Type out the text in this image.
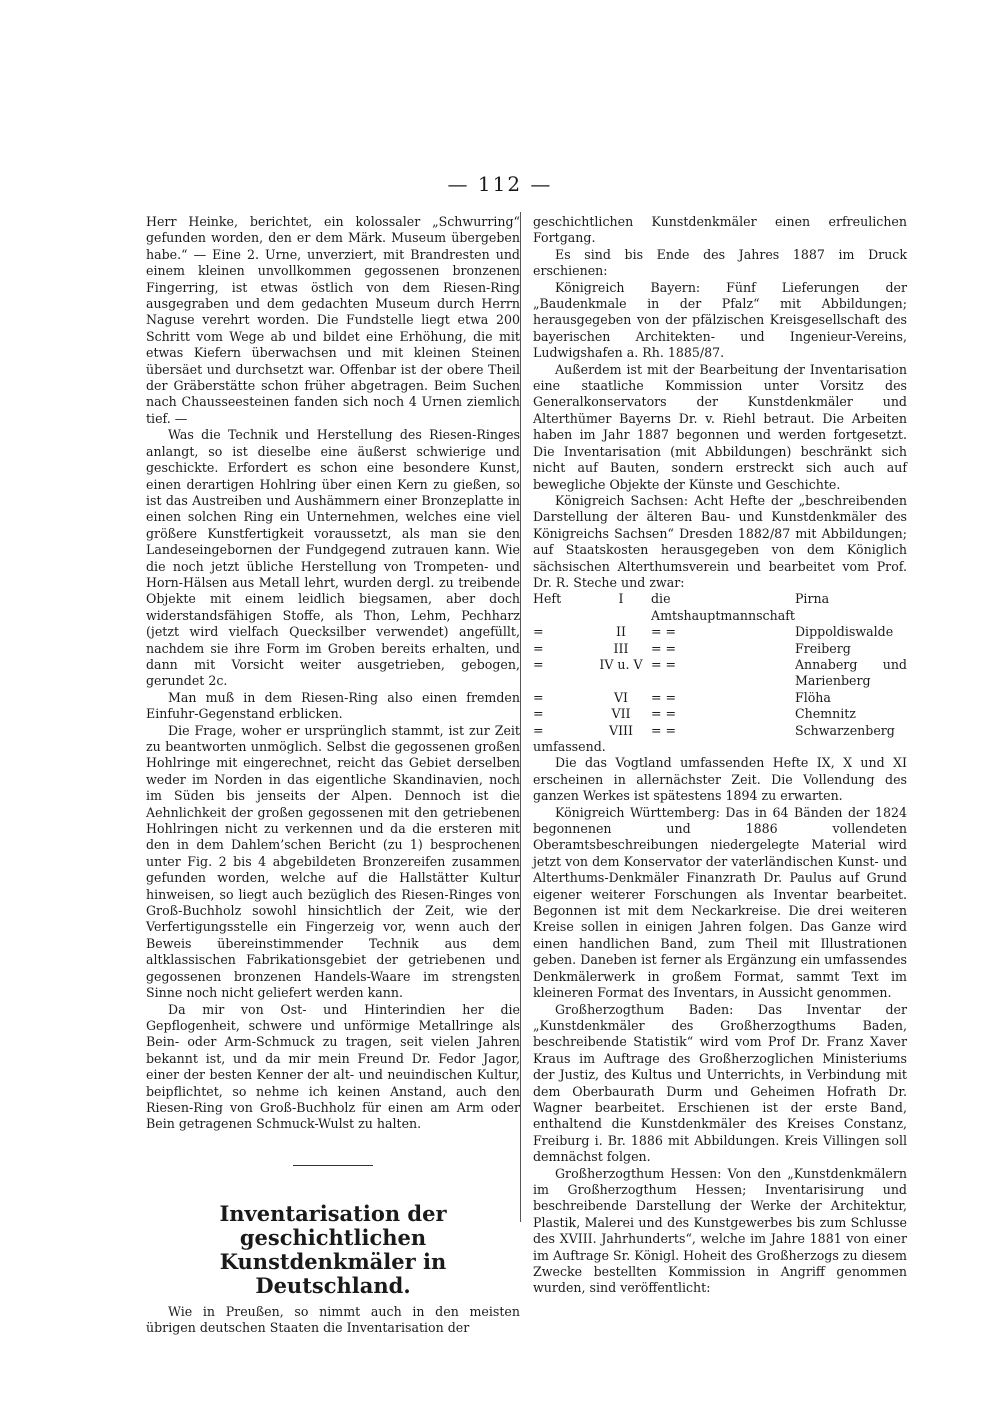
— 112 —

Herr Heinke, berichtet, ein kolossaler „Schwurring“ gefunden worden, den er dem Märk. Museum übergeben habe.“ — Eine 2. Urne, unverziert, mit Brandresten und einem kleinen unvollkommen gegossenen bronzenen Fingerring, ist etwas östlich von dem Riesen-Ring ausgegraben und dem gedachten Museum durch Herrn Naguse verehrt worden. Die Fundstelle liegt etwa 200 Schritt vom Wege ab und bildet eine Erhöhung, die mit etwas Kiefern überwachsen und mit kleinen Steinen übersäet und durchsetzt war. Offenbar ist der obere Theil der Gräberstätte schon früher abgetragen. Beim Suchen nach Chausseesteinen fanden sich noch 4 Urnen ziemlich tief. —

Was die Technik und Herstellung des Riesen-Ringes anlangt, so ist dieselbe eine äußerst schwierige und geschickte. Erfordert es schon eine besondere Kunst, einen derartigen Hohlring über einen Kern zu gießen, so ist das Austreiben und Aushämmern einer Bronzeplatte in einen solchen Ring ein Unternehmen, welches eine viel größere Kunstfertigkeit voraussetzt, als man sie den Landeseingebornen der Fundgegend zutrauen kann. Wie die noch jetzt übliche Herstellung von Trompeten- und Horn-Hälsen aus Metall lehrt, wurden dergl. zu treibende Objekte mit einem leidlich biegsamen, aber doch widerstandsfähigen Stoffe, als Thon, Lehm, Pechharz (jetzt wird vielfach Quecksilber verwendet) angefüllt, nachdem sie ihre Form im Groben bereits erhalten, und dann mit Vorsicht weiter ausgetrieben, gebogen, gerundet 2c.

Man muß in dem Riesen-Ring also einen fremden Einfuhr-Gegenstand erblicken.

Die Frage, woher er ursprünglich stammt, ist zur Zeit zu beantworten unmöglich. Selbst die gegossenen großen Hohlringe mit eingerechnet, reicht das Gebiet derselben weder im Norden in das eigentliche Skandinavien, noch im Süden bis jenseits der Alpen. Dennoch ist die Aehnlichkeit der großen gegossenen mit den getriebenen Hohlringen nicht zu verkennen und da die ersteren mit den in dem Dahlem’schen Bericht (zu 1) besprochenen unter Fig. 2 bis 4 abgebildeten Bronzereifen zusammen gefunden worden, welche auf die Hallstätter Kultur hinweisen, so liegt auch bezüglich des Riesen-Ringes von Groß-Buchholz sowohl hinsichtlich der Zeit, wie der Verfertigungsstelle ein Fingerzeig vor, wenn auch der Beweis übereinstimmender Technik aus dem altklassischen Fabrikationsgebiet der getriebenen und gegossenen bronzenen Handels-Waare im strengsten Sinne noch nicht geliefert werden kann.

Da mir von Ost- und Hinterindien her die Gepflogenheit, schwere und unförmige Metallringe als Bein- oder Arm-Schmuck zu tragen, seit vielen Jahren bekannt ist, und da mir mein Freund Dr. Fedor Jagor, einer der besten Kenner der alt- und neuindischen Kultur, beipflichtet, so nehme ich keinen Anstand, auch den Riesen-Ring von Groß-Buchholz für einen am Arm oder Bein getragenen Schmuck-Wulst zu halten.

Inventarisation der geschichtlichen Kunstdenkmäler in Deutschland.

Wie in Preußen, so nimmt auch in den meisten übrigen deutschen Staaten die Inventarisation der

geschichtlichen Kunstdenkmäler einen erfreulichen Fortgang.

Es sind bis Ende des Jahres 1887 im Druck erschienen:

Königreich Bayern: Fünf Lieferungen der „Baudenkmale in der Pfalz“ mit Abbildungen; herausgegeben von der pfälzischen Kreisgesellschaft des bayerischen Architekten- und Ingenieur-Vereins, Ludwigshafen a. Rh. 1885/87.

Außerdem ist mit der Bearbeitung der Inventarisation eine staatliche Kommission unter Vorsitz des Generalkonservators der Kunstdenkmäler und Alterthümer Bayerns Dr. v. Riehl betraut. Die Arbeiten haben im Jahr 1887 begonnen und werden fortgesetzt. Die Inventarisation (mit Abbildungen) beschränkt sich nicht auf Bauten, sondern erstreckt sich auch auf bewegliche Objekte der Künste und Geschichte.

Königreich Sachsen: Acht Hefte der „beschreibenden Darstellung der älteren Bau- und Kunstdenkmäler des Königreichs Sachsen“ Dresden 1882/87 mit Abbildungen; auf Staatskosten herausgegeben von dem Königlich sächsischen Alterthumsverein und bearbeitet vom Prof. Dr. R. Steche und zwar:

Heft	I	die Amtshauptmannschaft	Pirna
=	II	= =	Dippoldiswalde
=	III	= =	Freiberg
=	IV u. V	= =	Annaberg und Marienberg
=	VI	= =	Flöha
=	VII	= =	Chemnitz
=	VIII	= =	Schwarzenberg

umfassend.

Die das Vogtland umfassenden Hefte IX, X und XI erscheinen in allernächster Zeit. Die Vollendung des ganzen Werkes ist spätestens 1894 zu erwarten.

Königreich Württemberg: Das in 64 Bänden der 1824 begonnenen und 1886 vollendeten Oberamtsbeschreibungen niedergelegte Material wird jetzt von dem Konservator der vaterländischen Kunst- und Alterthums-Denkmäler Finanzrath Dr. Paulus auf Grund eigener weiterer Forschungen als Inventar bearbeitet. Begonnen ist mit dem Neckarkreise. Die drei weiteren Kreise sollen in einigen Jahren folgen. Das Ganze wird einen handlichen Band, zum Theil mit Illustrationen geben. Daneben ist ferner als Ergänzung ein umfassendes Denkmälerwerk in großem Format, sammt Text im kleineren Format des Inventars, in Aussicht genommen.

Großherzogthum Baden: Das Inventar der „Kunstdenkmäler des Großherzogthums Baden, beschreibende Statistik“ wird vom Prof Dr. Franz Xaver Kraus im Auftrage des Großherzoglichen Ministeriums der Justiz, des Kultus und Unterrichts, in Verbindung mit dem Oberbaurath Durm und Geheimen Hofrath Dr. Wagner bearbeitet. Erschienen ist der erste Band, enthaltend die Kunstdenkmäler des Kreises Constanz, Freiburg i. Br. 1886 mit Abbildungen. Kreis Villingen soll demnächst folgen.

Großherzogthum Hessen: Von den „Kunstdenkmälern im Großherzogthum Hessen; Inventarisirung und beschreibende Darstellung der Werke der Architektur, Plastik, Malerei und des Kunstgewerbes bis zum Schlusse des XVIII. Jahrhunderts“, welche im Jahre 1881 von einer im Auftrage Sr. Königl. Hoheit des Großherzogs zu diesem Zwecke bestellten Kommission in Angriff genommen wurden, sind veröffentlicht:
